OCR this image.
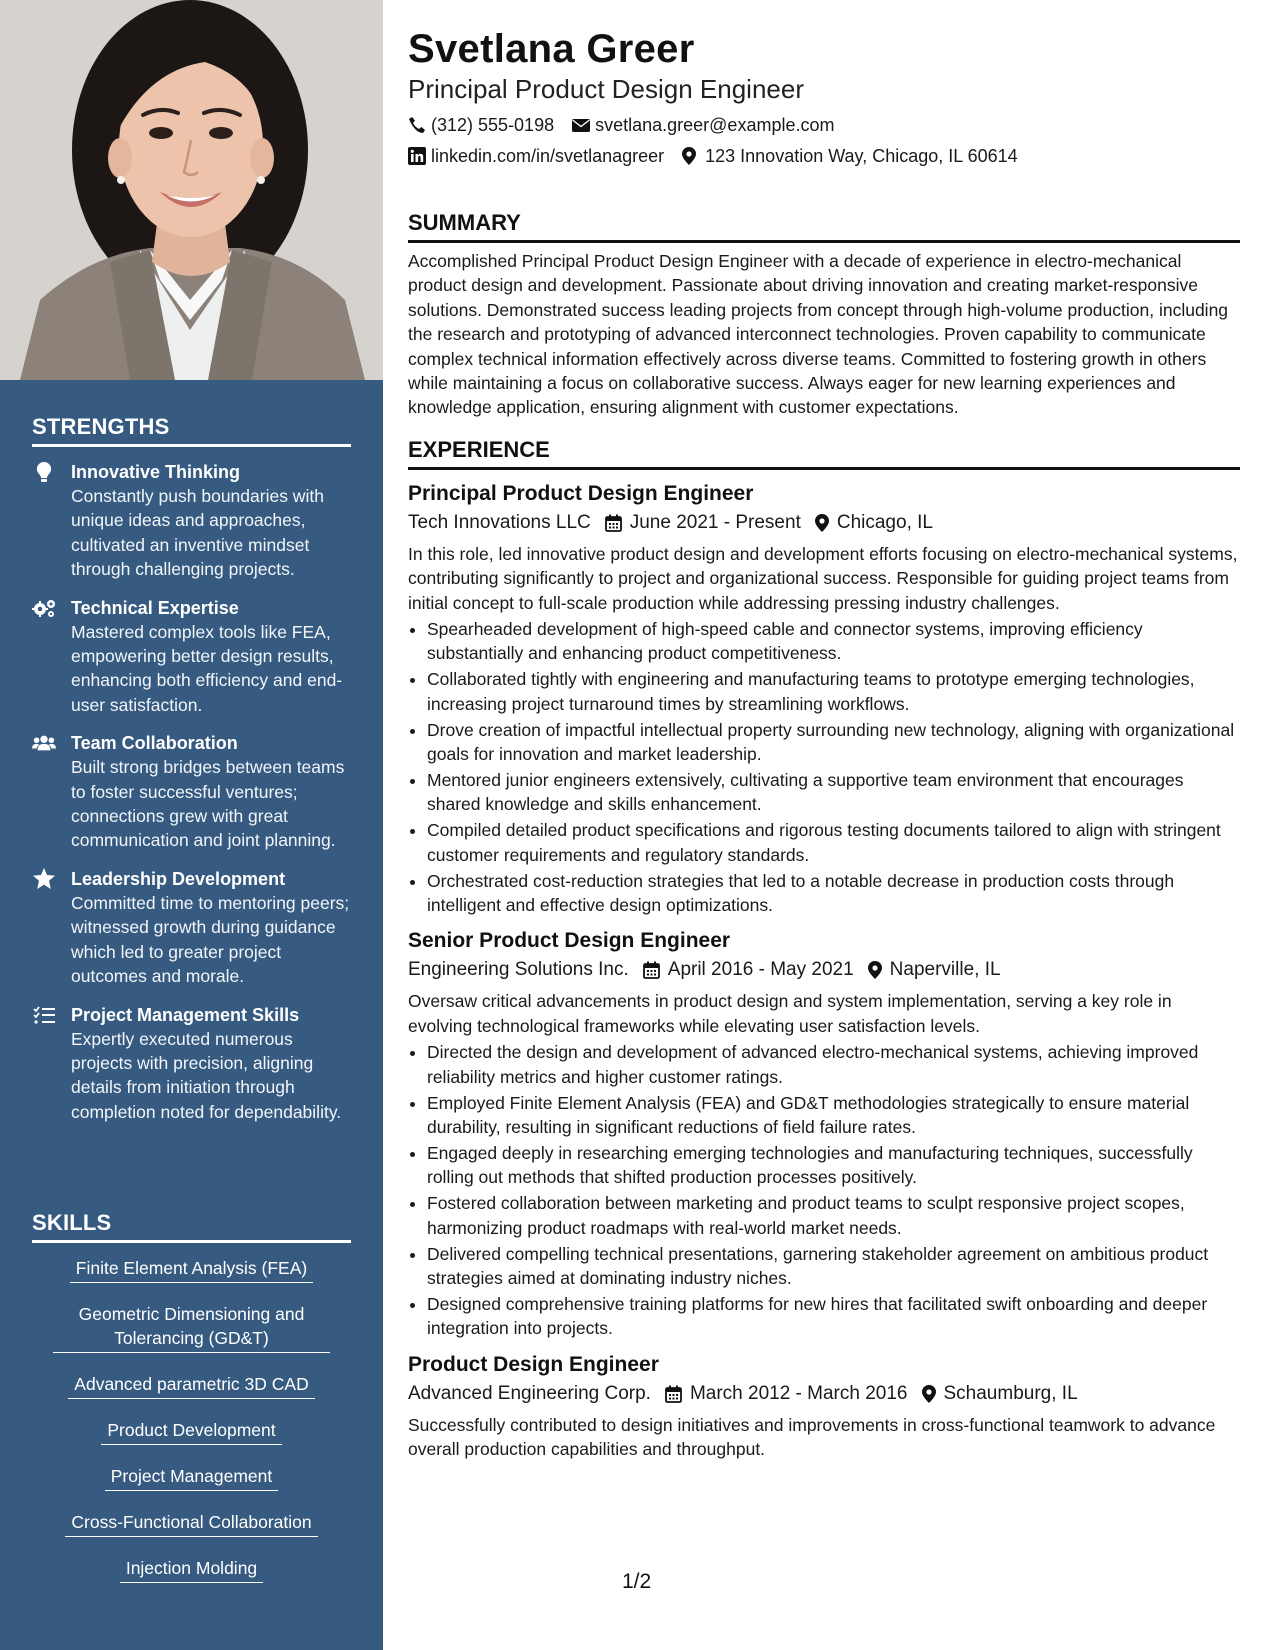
STRENGTHS
Innovative Thinking
Constantly push boundaries with unique ideas and approaches, cultivated an inventive mindset through challenging projects.
Technical Expertise
Mastered complex tools like FEA, empowering better design results, enhancing both efficiency and end-user satisfaction.
Team Collaboration
Built strong bridges between teams to foster successful ventures; connections grew with great communication and joint planning.
Leadership Development
Committed time to mentoring peers; witnessed growth during guidance which led to greater project outcomes and morale.
Project Management Skills
Expertly executed numerous projects with precision, aligning details from initiation through completion noted for dependability.
SKILLS
Finite Element Analysis (FEA)
Geometric Dimensioning and Tolerancing (GD&T)
Advanced parametric 3D CAD
Product Development
Project Management
Cross-Functional Collaboration
Injection Molding
Svetlana Greer
Principal Product Design Engineer
(312) 555-0198 svetlana.greer@example.com
linkedin.com/in/svetlanagreer 123 Innovation Way, Chicago, IL 60614
SUMMARY
Accomplished Principal Product Design Engineer with a decade of experience in electro-mechanical product design and development. Passionate about driving innovation and creating market-responsive solutions. Demonstrated success leading projects from concept through high-volume production, including the research and prototyping of advanced interconnect technologies. Proven capability to communicate complex technical information effectively across diverse teams. Committed to fostering growth in others while maintaining a focus on collaborative success. Always eager for new learning experiences and knowledge application, ensuring alignment with customer expectations.
EXPERIENCE
Principal Product Design Engineer
Tech Innovations LLC June 2021 - Present Chicago, IL
In this role, led innovative product design and development efforts focusing on electro-mechanical systems, contributing significantly to project and organizational success. Responsible for guiding project teams from initial concept to full-scale production while addressing pressing industry challenges.
• Spearheaded development of high-speed cable and connector systems, improving efficiency substantially and enhancing product competitiveness.
• Collaborated tightly with engineering and manufacturing teams to prototype emerging technologies, increasing project turnaround times by streamlining workflows.
• Drove creation of impactful intellectual property surrounding new technology, aligning with organizational goals for innovation and market leadership.
• Mentored junior engineers extensively, cultivating a supportive team environment that encourages shared knowledge and skills enhancement.
• Compiled detailed product specifications and rigorous testing documents tailored to align with stringent customer requirements and regulatory standards.
• Orchestrated cost-reduction strategies that led to a notable decrease in production costs through intelligent and effective design optimizations.
Senior Product Design Engineer
Engineering Solutions Inc. April 2016 - May 2021 Naperville, IL
Oversaw critical advancements in product design and system implementation, serving a key role in evolving technological frameworks while elevating user satisfaction levels.
• Directed the design and development of advanced electro-mechanical systems, achieving improved reliability metrics and higher customer ratings.
• Employed Finite Element Analysis (FEA) and GD&T methodologies strategically to ensure material durability, resulting in significant reductions of field failure rates.
• Engaged deeply in researching emerging technologies and manufacturing techniques, successfully rolling out methods that shifted production processes positively.
• Fostered collaboration between marketing and product teams to sculpt responsive project scopes, harmonizing product roadmaps with real-world market needs.
• Delivered compelling technical presentations, garnering stakeholder agreement on ambitious product strategies aimed at dominating industry niches.
• Designed comprehensive training platforms for new hires that facilitated swift onboarding and deeper integration into projects.
Product Design Engineer
Advanced Engineering Corp. March 2012 - March 2016 Schaumburg, IL
Successfully contributed to design initiatives and improvements in cross-functional teamwork to advance overall production capabilities and throughput.
1/2
